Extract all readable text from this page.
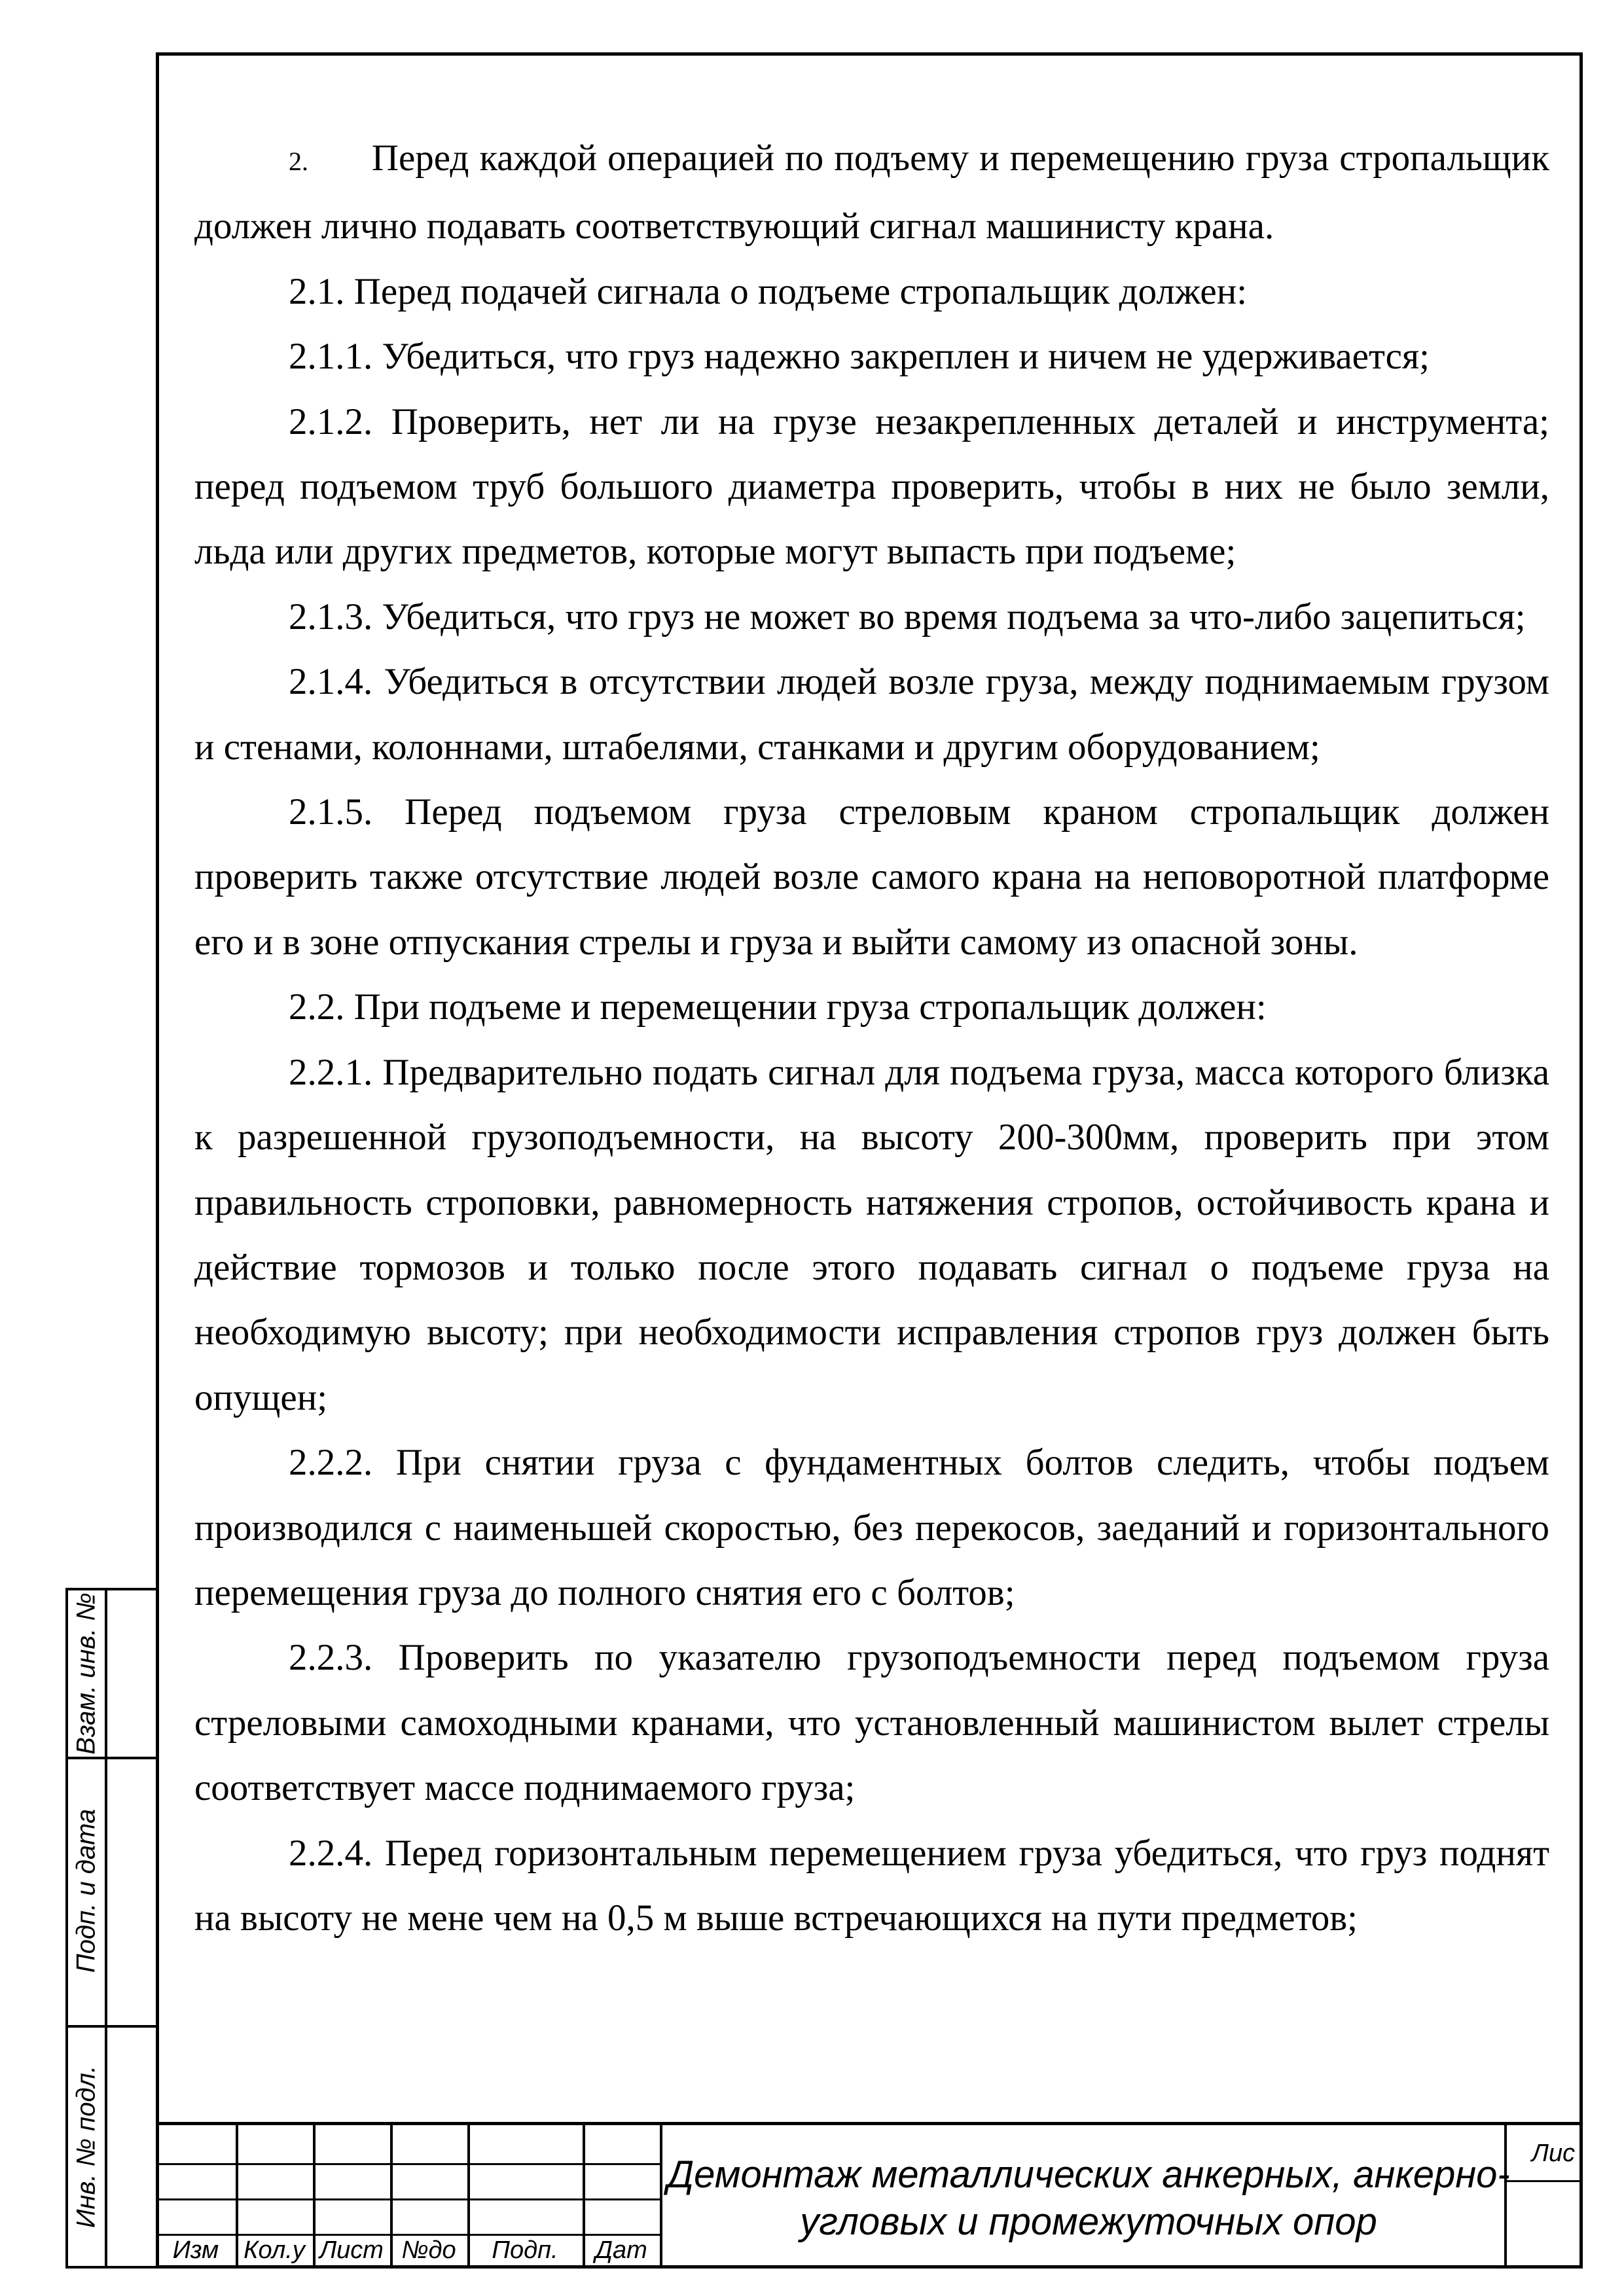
2. Перед каждой операцией по подъему и перемещению груза стропальщик должен лично подавать соответствующий сигнал машинисту крана.

2.1. Перед подачей сигнала о подъеме стропальщик должен:

2.1.1. Убедиться, что груз надежно закреплен и ничем не удерживается;

2.1.2. Проверить, нет ли на грузе незакрепленных деталей и инструмента; перед подъемом труб большого диаметра проверить, чтобы в них не было земли, льда или других предметов, которые могут выпасть при подъеме;

2.1.3. Убедиться, что груз не может во время подъема за что-либо зацепиться;

2.1.4. Убедиться в отсутствии людей возле груза, между поднимаемым грузом и стенами, колоннами, штабелями, станками и другим оборудованием;

2.1.5. Перед подъемом груза стреловым краном стропальщик должен проверить также отсутствие людей возле самого крана на неповоротной платформе его и в зоне отпускания стрелы и груза и выйти самому из опасной зоны.

2.2. При подъеме и перемещении груза стропальщик должен:

2.2.1. Предварительно подать сигнал для подъема груза, масса которого близка к разрешенной грузоподъемности, на высоту 200-300мм, проверить при этом правильность строповки, равномерность натяжения стропов, остойчивость крана и действие тормозов и только после этого подавать сигнал о подъеме груза на необходимую высоту; при необходимости исправления стропов груз должен быть опущен;

2.2.2. При снятии груза с фундаментных болтов следить, чтобы подъем производился с наименьшей скоростью, без перекосов, заеданий и горизонтального перемещения груза до полного снятия его с болтов;

2.2.3. Проверить по указателю грузоподъемности перед подъемом груза стреловыми самоходными кранами, что установленный машинистом вылет стрелы соответствует массе поднимаемого груза;

2.2.4. Перед горизонтальным перемещением груза убедиться, что груз поднят на высоту не мене чем на 0,5 м выше встречающихся на пути предметов;

Взам. инв. №
Подп. и дата
Инв. № подл.
Изм Кол.у Лист №до	Подп.	Дат
Демонтаж металлических анкерных, анкерно-угловых и промежуточных опор
Лис
